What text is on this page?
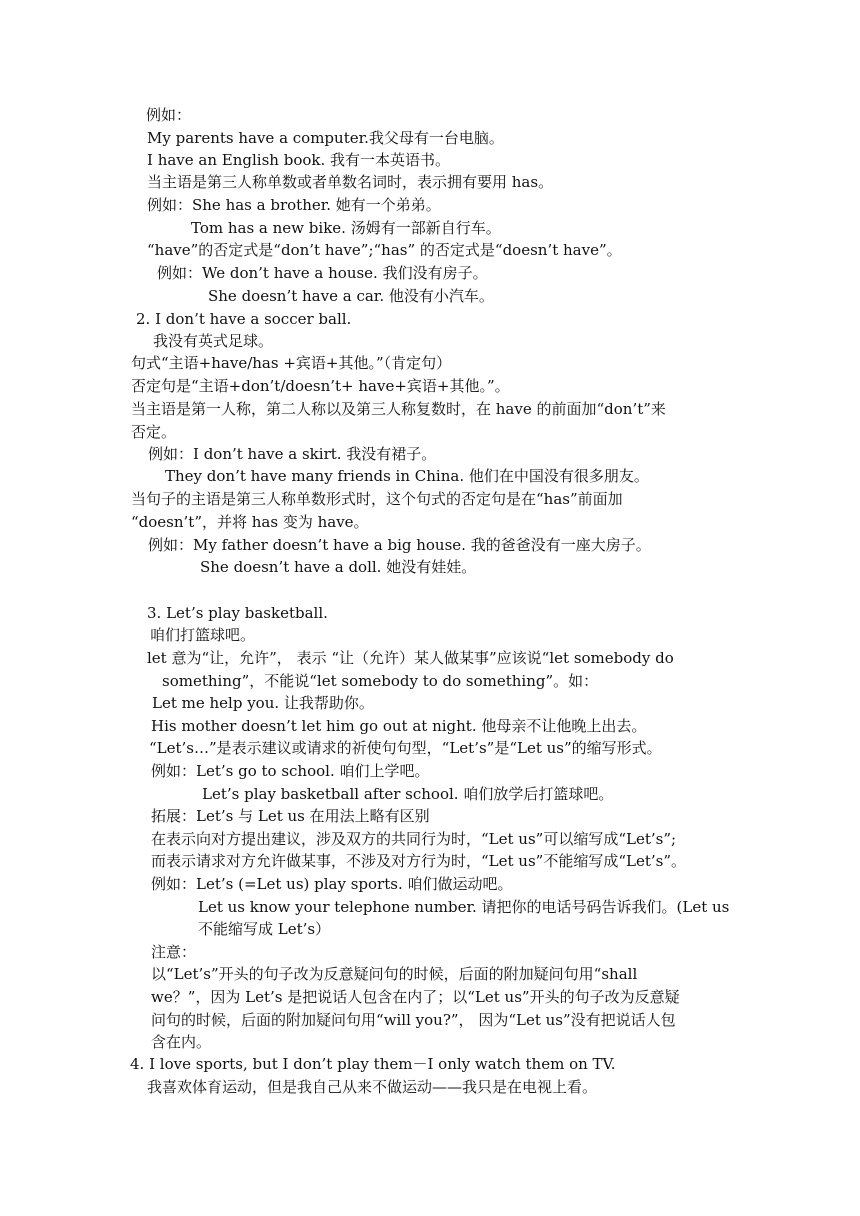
例如：
My parents have a computer.我父母有一台电脑。
I have an English book. 我有一本英语书。
当主语是第三人称单数或者单数名词时，表示拥有要用 has。
例如：She has a brother. 她有一个弟弟。
Tom has a new bike. 汤姆有一部新自行车。
“have”的否定式是“don’t have”;“has” 的否定式是“doesn’t have”。
例如：We don’t have a house. 我们没有房子。
She doesn’t have a car. 他没有小汽车。
2. I don’t have a soccer ball.
我没有英式足球。
句式“主语+have/has +宾语+其他。”（肯定句）
否定句是“主语+don’t/doesn’t+ have+宾语+其他。”。
当主语是第一人称，第二人称以及第三人称复数时，在 have 的前面加“don’t”来
否定。
例如：I don’t have a skirt. 我没有裙子。
They don’t have many friends in China. 他们在中国没有很多朋友。
当句子的主语是第三人称单数形式时，这个句式的否定句是在“has”前面加
“doesn’t”，并将 has 变为 have。
例如：My father doesn’t have a big house. 我的爸爸没有一座大房子。
She doesn’t have a doll. 她没有娃娃。
3. Let’s play basketball.
咱们打篮球吧。
let 意为“让，允许”， 表示 “让（允许）某人做某事”应该说“let somebody do
something”，不能说“let somebody to do something”。如：
Let me help you. 让我帮助你。
His mother doesn’t let him go out at night. 他母亲不让他晚上出去。
“Let’s…”是表示建议或请求的祈使句句型，“Let’s”是“Let us”的缩写形式。
例如：Let’s go to school. 咱们上学吧。
Let’s play basketball after school. 咱们放学后打篮球吧。
拓展：Let’s 与 Let us 在用法上略有区别
在表示向对方提出建议，涉及双方的共同行为时，“Let us”可以缩写成“Let’s”;
而表示请求对方允许做某事，不涉及对方行为时，“Let us”不能缩写成“Let’s”。
例如：Let’s (=Let us) play sports. 咱们做运动吧。
Let us know your telephone number. 请把你的电话号码告诉我们。(Let us
不能缩写成 Let’s）
注意：
以“Let’s”开头的句子改为反意疑问句的时候，后面的附加疑问句用“shall
we？”，因为 Let’s 是把说话人包含在内了；以“Let us”开头的句子改为反意疑
问句的时候，后面的附加疑问句用“will you?”， 因为“Let us”没有把说话人包
含在内。
4. I love sports, but I don’t play them－I only watch them on TV.
我喜欢体育运动，但是我自己从来不做运动——我只是在电视上看。
